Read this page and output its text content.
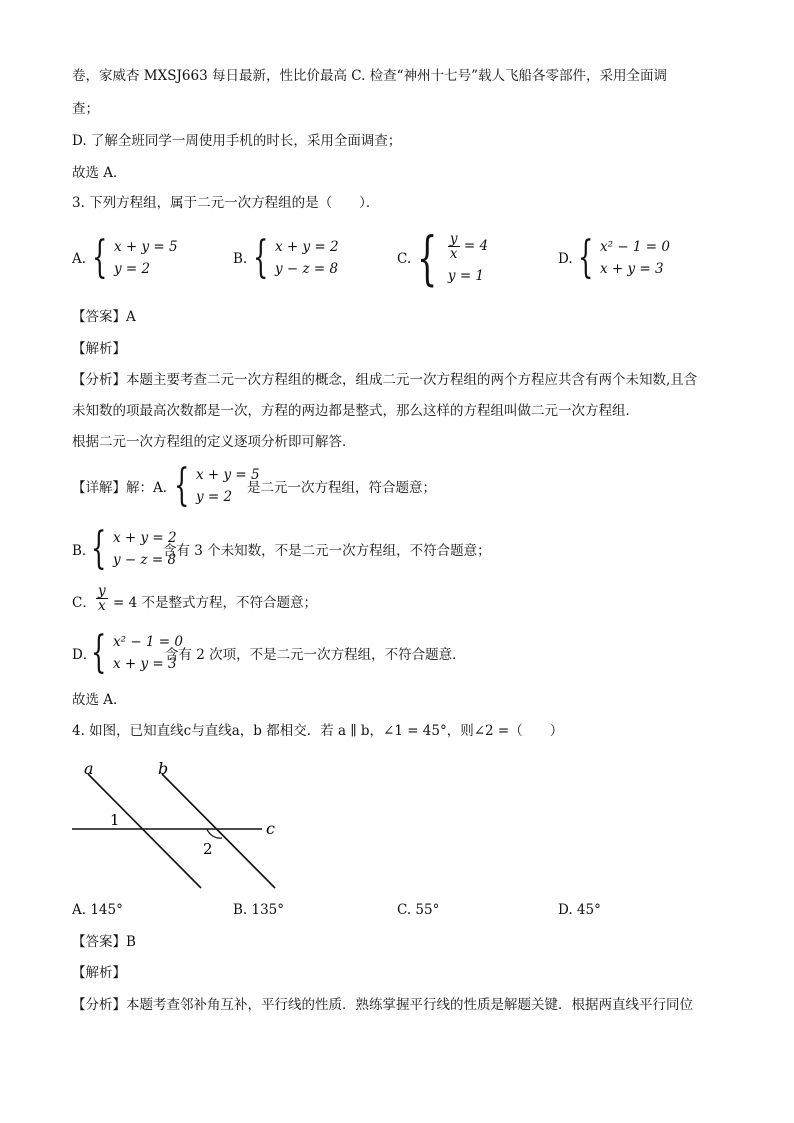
卷，家威杏 MXSJ663 每日最新，性比价最高 C. 检查“神州十七号”载人飞船各零部件，采用全面调
查；
D. 了解全班同学一周使用手机的时长，采用全面调查；
故选 A．
3. 下列方程组，属于二元一次方程组的是（　　）．
A. { x + y = 5
y = 2
B. { x + y = 2
y − z = 8
C. { $\frac{y}{x} = 4$
y = 1
D. { x² − 1 = 0
x + y = 3
【答案】A
【解析】
【分析】本题主要考查二元一次方程组的概念，组成二元一次方程组的两个方程应共含有两个未知数,且含
未知数的项最高次数都是一次，方程的两边都是整式，那么这样的方程组叫做二元一次方程组．
根据二元一次方程组的定义逐项分析即可解答．
【详解】解：A．
{ x + y = 5
y = 2
是二元一次方程组，符合题意；
B．
{ x + y = 2
y − z = 8
含有 3 个未知数，不是二元一次方程组，不符合题意；
C． $\frac{y}{x} = 4$ 不是整式方程，不符合题意；
D．
{ x² − 1 = 0
x + y = 3
含有 2 次项，不是二元一次方程组，不符合题意．
故选 A．
4. 如图，已知直线c与直线a，b 都相交．若 a ∥ b，∠1 = 45°，则∠2 =（　　）
a	b
c
1
2
A. 145°	B. 135°	C. 55°	D. 45°
【答案】B
【解析】
【分析】本题考查邻补角互补，平行线的性质．熟练掌握平行线的性质是解题关键．根据两直线平行同位
